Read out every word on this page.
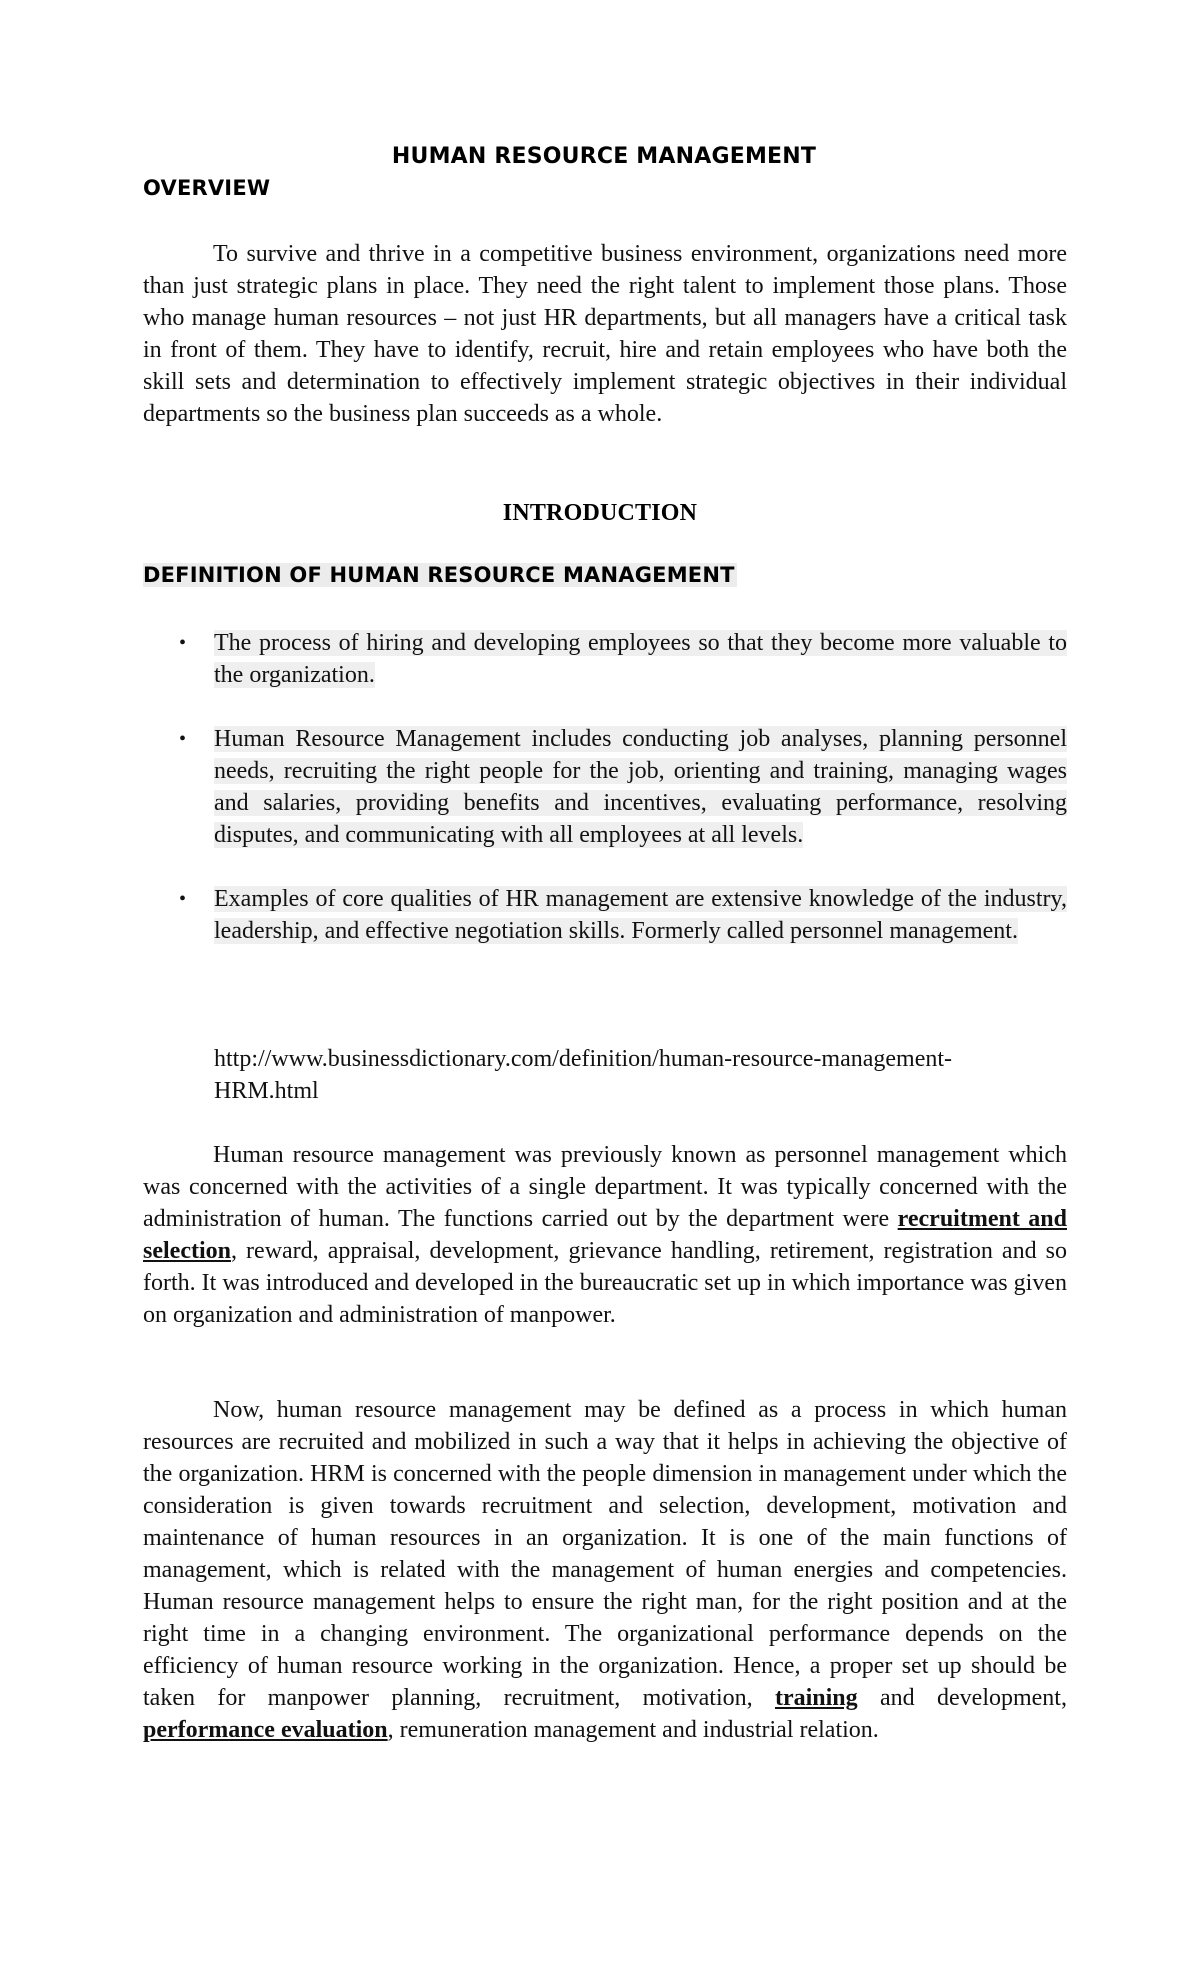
HUMAN RESOURCE MANAGEMENT
OVERVIEW

To survive and thrive in a competitive business environment, organizations need more than just strategic plans in place. They need the right talent to implement those plans. Those who manage human resources – not just HR departments, but all managers have a critical task in front of them. They have to identify, recruit, hire and retain employees who have both the skill sets and determination to effectively implement strategic objectives in their individual departments so the business plan succeeds as a whole.

INTRODUCTION
DEFINITION OF HUMAN RESOURCE MANAGEMENT
• The process of hiring and developing employees so that they become more valuable to the organization.
• Human Resource Management includes conducting job analyses, planning personnel needs, recruiting the right people for the job, orienting and training, managing wages and salaries, providing benefits and incentives, evaluating performance, resolving disputes, and communicating with all employees at all levels.
• Examples of core qualities of HR management are extensive knowledge of the industry, leadership, and effective negotiation skills. Formerly called personnel management.

http://www.businessdictionary.com/definition/human-resource-management-HRM.html

Human resource management was previously known as personnel management which was concerned with the activities of a single department. It was typically concerned with the administration of human. The functions carried out by the department were recruitment and selection, reward, appraisal, development, grievance handling, retirement, registration and so forth. It was introduced and developed in the bureaucratic set up in which importance was given on organization and administration of manpower.

Now, human resource management may be defined as a process in which human resources are recruited and mobilized in such a way that it helps in achieving the objective of the organization. HRM is concerned with the people dimension in management under which the consideration is given towards recruitment and selection, development, motivation and maintenance of human resources in an organization. It is one of the main functions of management, which is related with the management of human energies and competencies. Human resource management helps to ensure the right man, for the right position and at the right time in a changing environment. The organizational performance depends on the efficiency of human resource working in the organization. Hence, a proper set up should be taken for manpower planning, recruitment, motivation, training and development, performance evaluation, remuneration management and industrial relation.
